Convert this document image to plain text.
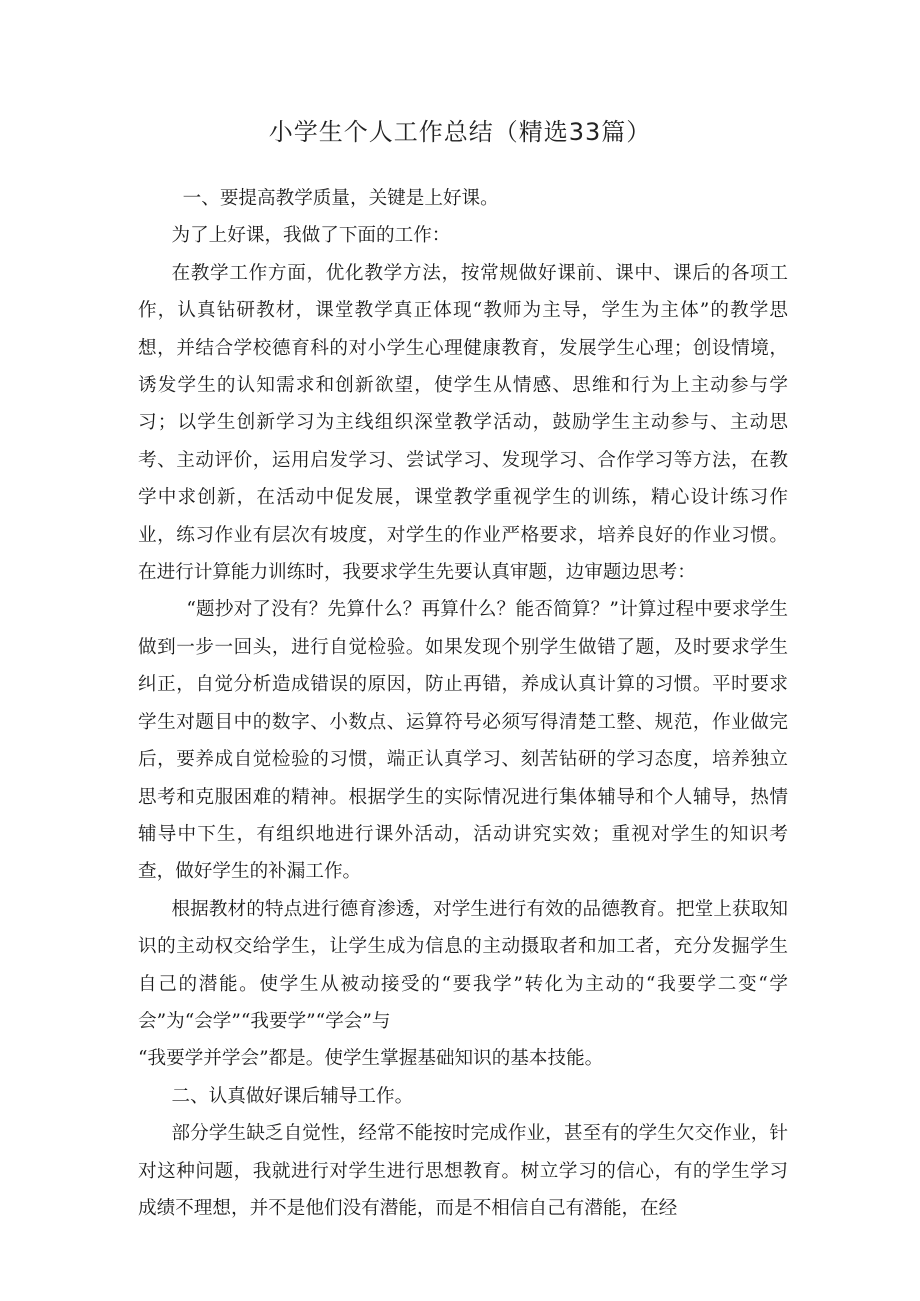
小学生个人工作总结（精选33篇）

一、要提高教学质量，关键是上好课。

为了上好课，我做了下面的工作：

在教学工作方面，优化教学方法，按常规做好课前、课中、课后的各项工作，认真钻研教材，课堂教学真正体现“教师为主导，学生为主体”的教学思想，并结合学校德育科的对小学生心理健康教育，发展学生心理；创设情境，诱发学生的认知需求和创新欲望，使学生从情感、思维和行为上主动参与学习；以学生创新学习为主线组织深堂教学活动，鼓励学生主动参与、主动思考、主动评价，运用启发学习、尝试学习、发现学习、合作学习等方法，在教学中求创新，在活动中促发展，课堂教学重视学生的训练，精心设计练习作业，练习作业有层次有坡度，对学生的作业严格要求，培养良好的作业习惯。在进行计算能力训练时，我要求学生先要认真审题，边审题边思考：

“题抄对了没有？先算什么？再算什么？能否简算？”计算过程中要求学生做到一步一回头，进行自觉检验。如果发现个别学生做错了题，及时要求学生纠正，自觉分析造成错误的原因，防止再错，养成认真计算的习惯。平时要求学生对题目中的数字、小数点、运算符号必须写得清楚工整、规范，作业做完后，要养成自觉检验的习惯，端正认真学习、刻苦钻研的学习态度，培养独立思考和克服困难的精神。根据学生的实际情况进行集体辅导和个人辅导，热情辅导中下生，有组织地进行课外活动，活动讲究实效；重视对学生的知识考查，做好学生的补漏工作。

根据教材的特点进行德育渗透，对学生进行有效的品德教育。把堂上获取知识的主动权交给学生，让学生成为信息的主动摄取者和加工者，充分发掘学生自己的潜能。使学生从被动接受的“要我学”转化为主动的“我要学二变“学会”为“会学”“我要学”“学会”与

“我要学并学会”都是。使学生掌握基础知识的基本技能。

二、认真做好课后辅导工作。

部分学生缺乏自觉性，经常不能按时完成作业，甚至有的学生欠交作业，针对这种问题，我就进行对学生进行思想教育。树立学习的信心，有的学生学习成绩不理想，并不是他们没有潜能，而是不相信自己有潜能，在经
